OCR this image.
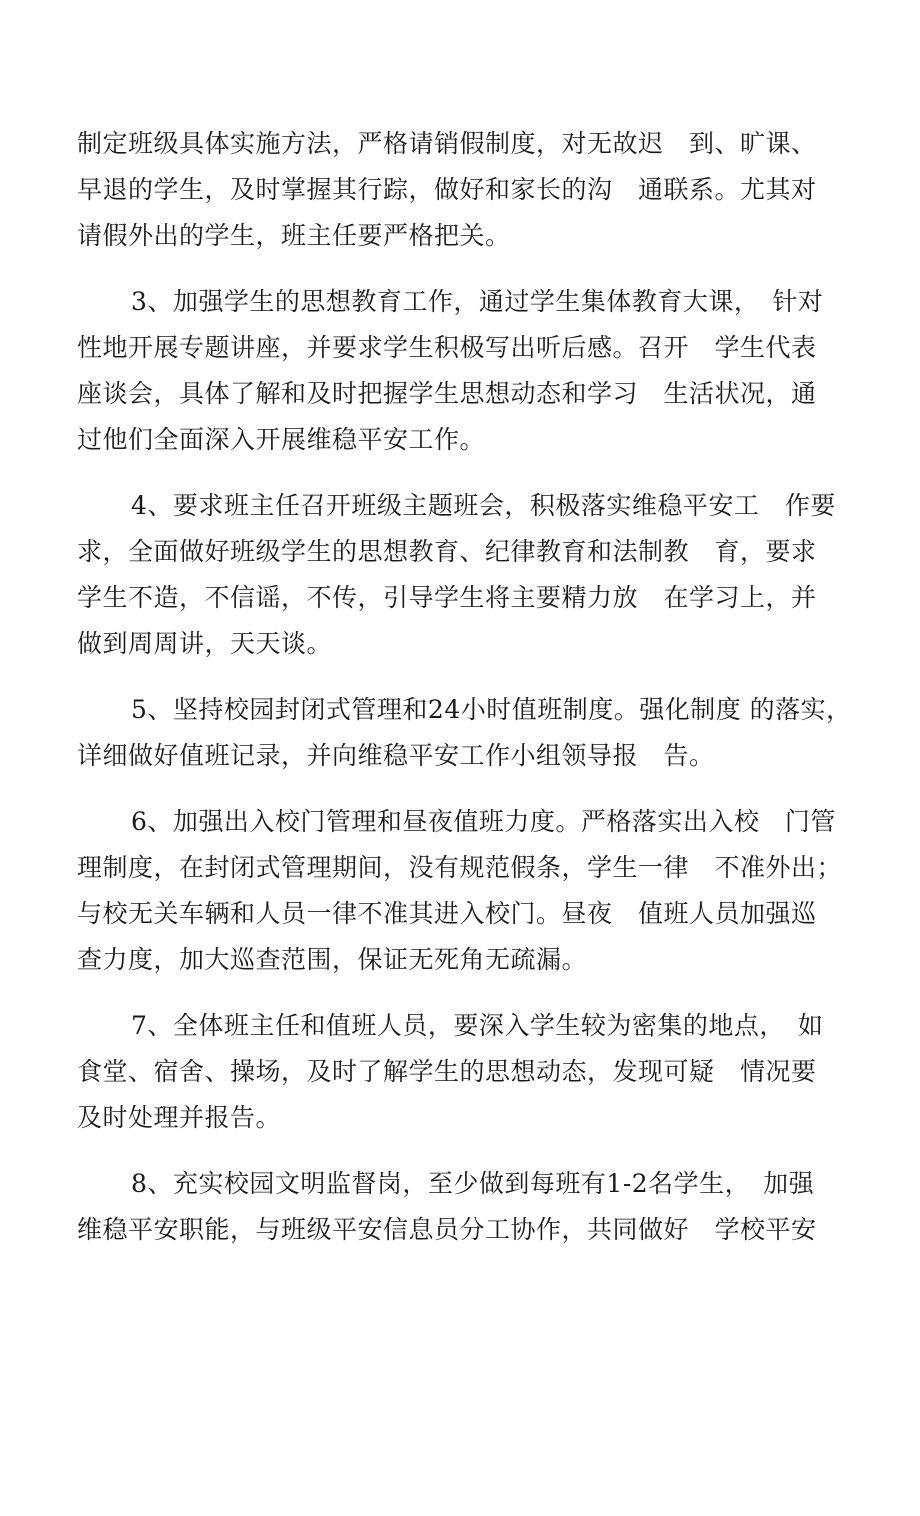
制定班级具体实施方法，严格请销假制度，对无故迟　到、旷课、
早退的学生，及时掌握其行踪，做好和家长的沟　通联系。尤其对
请假外出的学生，班主任要严格把关。
3、加强学生的思想教育工作，通过学生集体教育大课，　针对
性地开展专题讲座，并要求学生积极写出听后感。召开　学生代表
座谈会，具体了解和及时把握学生思想动态和学习　生活状况，通
过他们全面深入开展维稳平安工作。
4、要求班主任召开班级主题班会，积极落实维稳平安工　作要
求，全面做好班级学生的思想教育、纪律教育和法制教　育，要求
学生不造，不信谣，不传，引导学生将主要精力放　在学习上，并
做到周周讲，天天谈。
5、坚持校园封闭式管理和24小时值班制度。强化制度 的落实，
详细做好值班记录，并向维稳平安工作小组领导报　告。
6、加强出入校门管理和昼夜值班力度。严格落实出入校　门管
理制度，在封闭式管理期间，没有规范假条，学生一律　不准外出；
与校无关车辆和人员一律不准其进入校门。昼夜　值班人员加强巡
查力度，加大巡查范围，保证无死角无疏漏。
7、全体班主任和值班人员，要深入学生较为密集的地点，　如
食堂、宿舍、操场，及时了解学生的思想动态，发现可疑　情况要
及时处理并报告。
8、充实校园文明监督岗，至少做到每班有1-2名学生，　加强
维稳平安职能，与班级平安信息员分工协作，共同做好　学校平安
